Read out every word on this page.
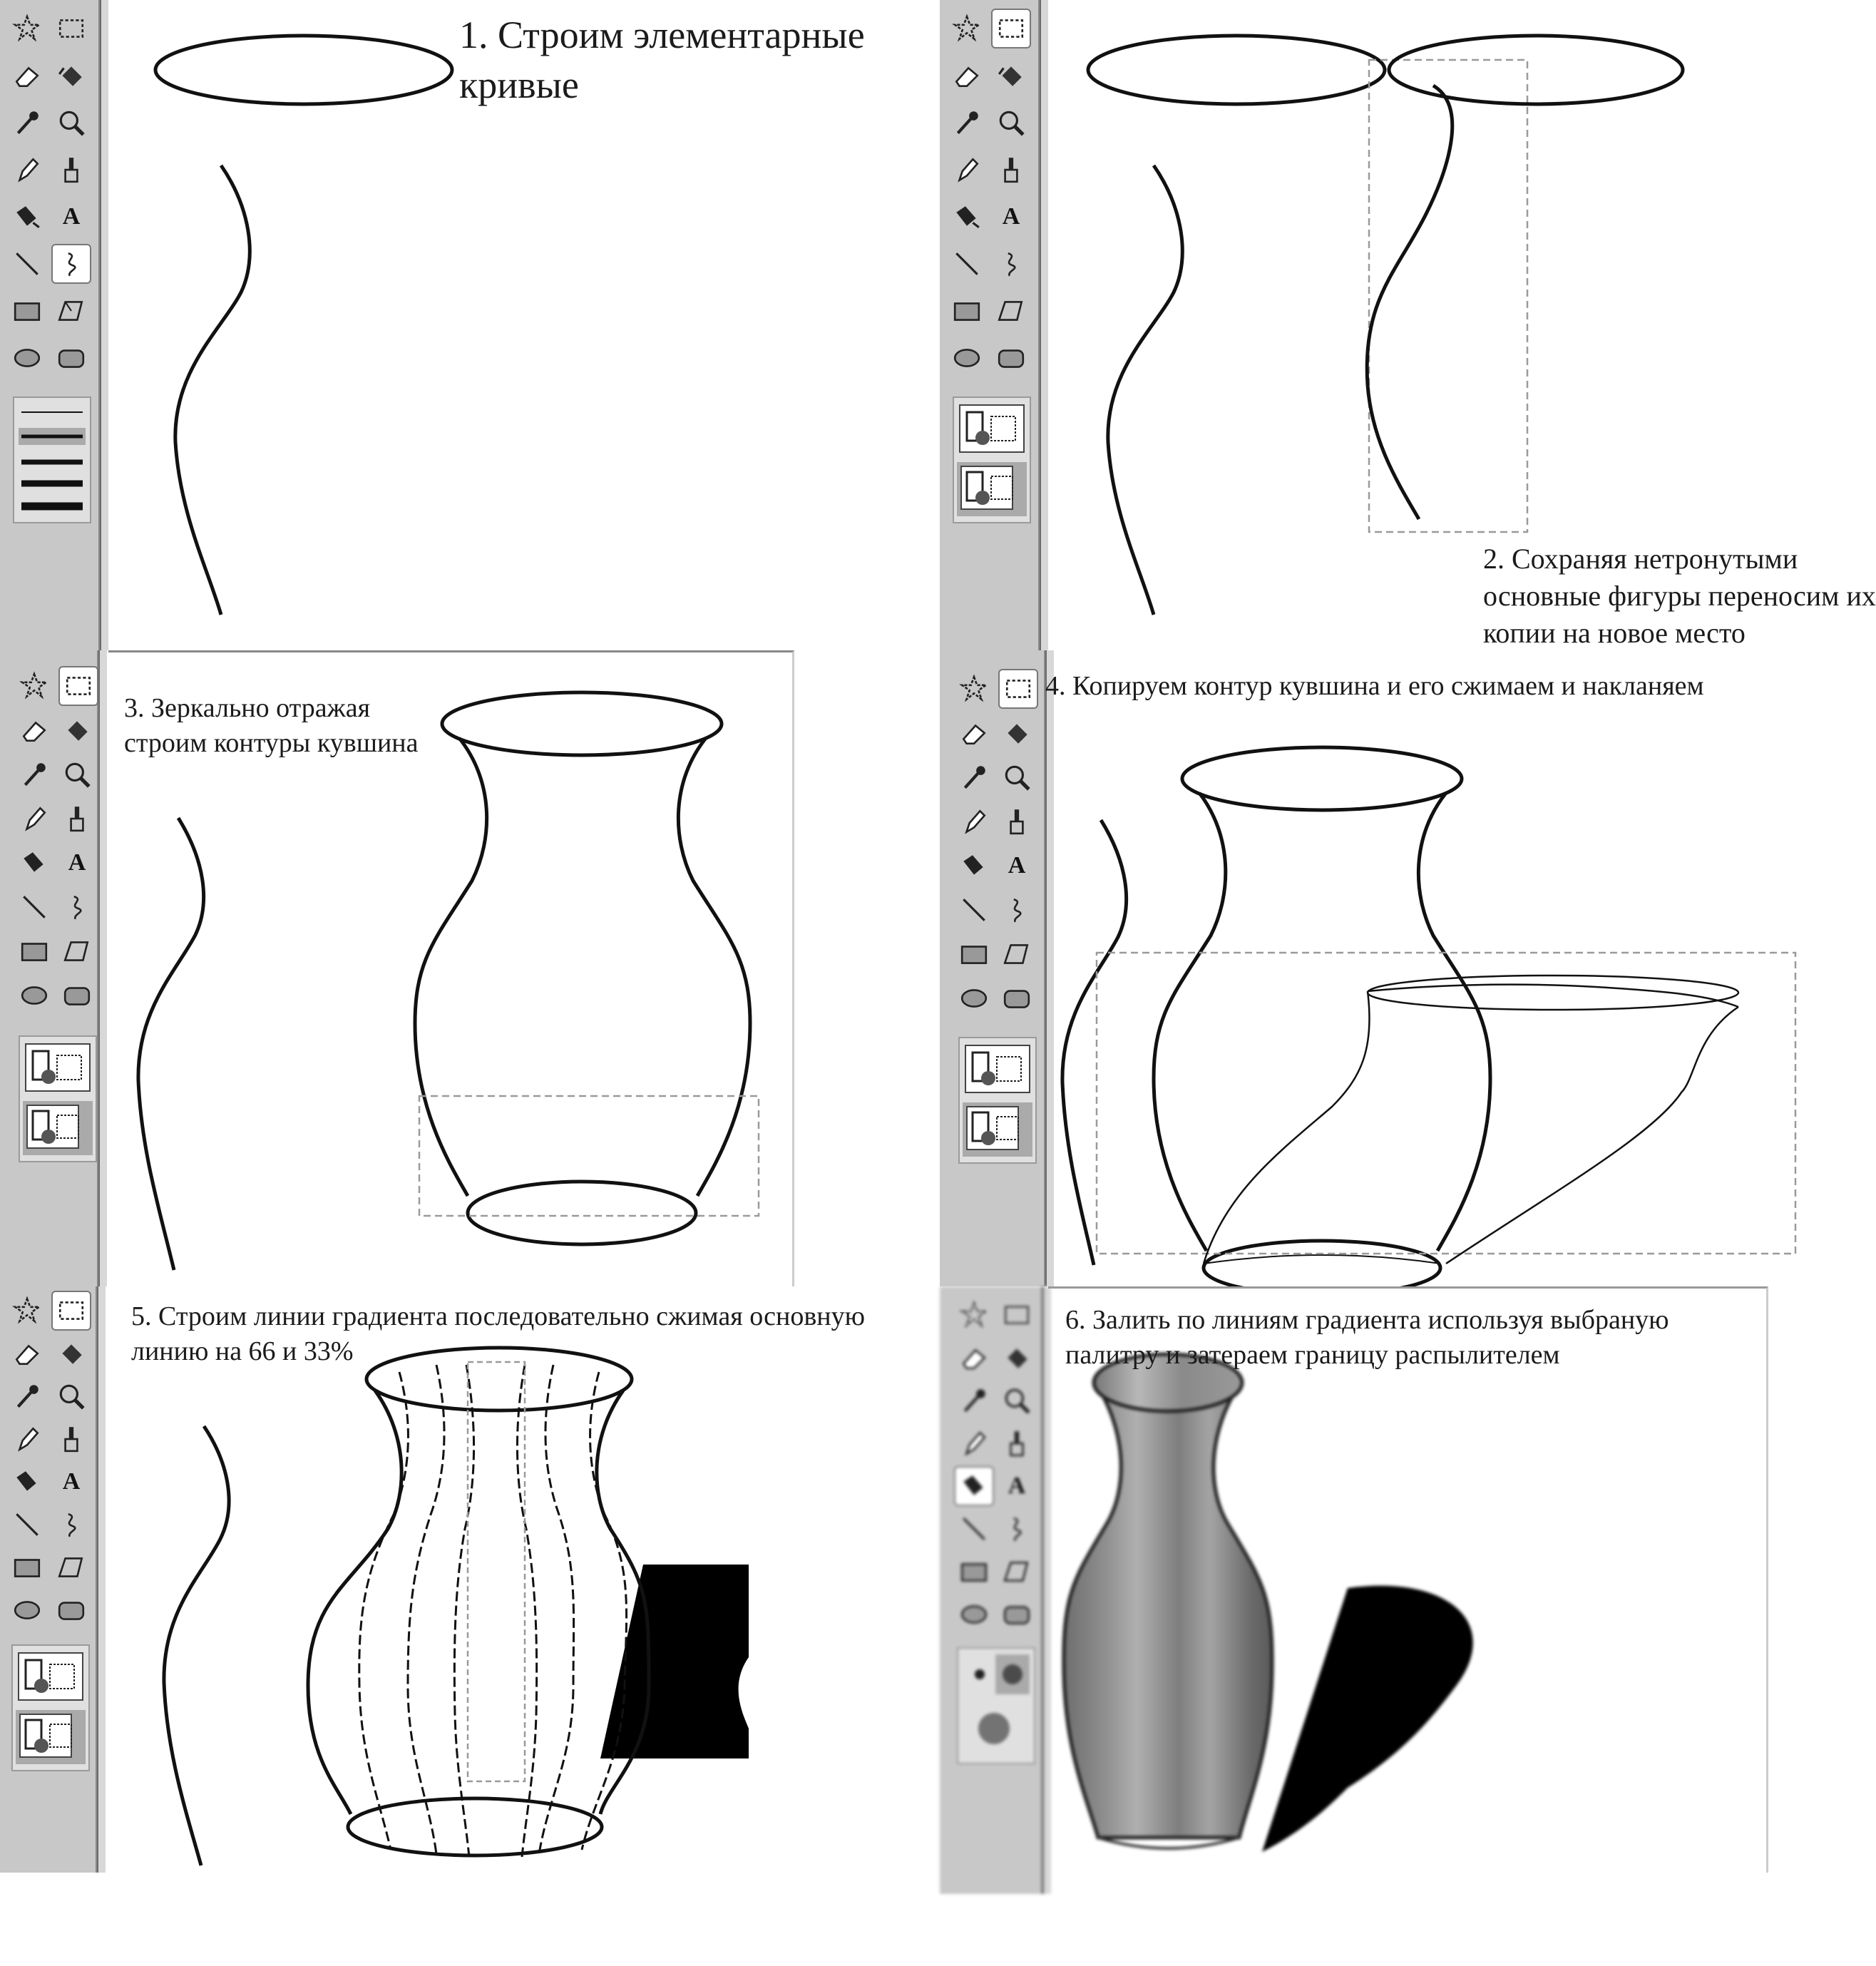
A
1. Строим элементарные
кривые
A
2. Сохраняя нетронутыми
основные фигуры переносим их
копии на новое место
A
3. Зеркально отражая
строим контуры кувшина
A
4. Копируем контур кувшина и его сжимаем и накланяем
A
5. Строим линии градиента последовательно сжимая основную
линию на 66 и 33%
A
6. Залить по линиям градиента используя выбраную
палитру и затераем границу распылителем
